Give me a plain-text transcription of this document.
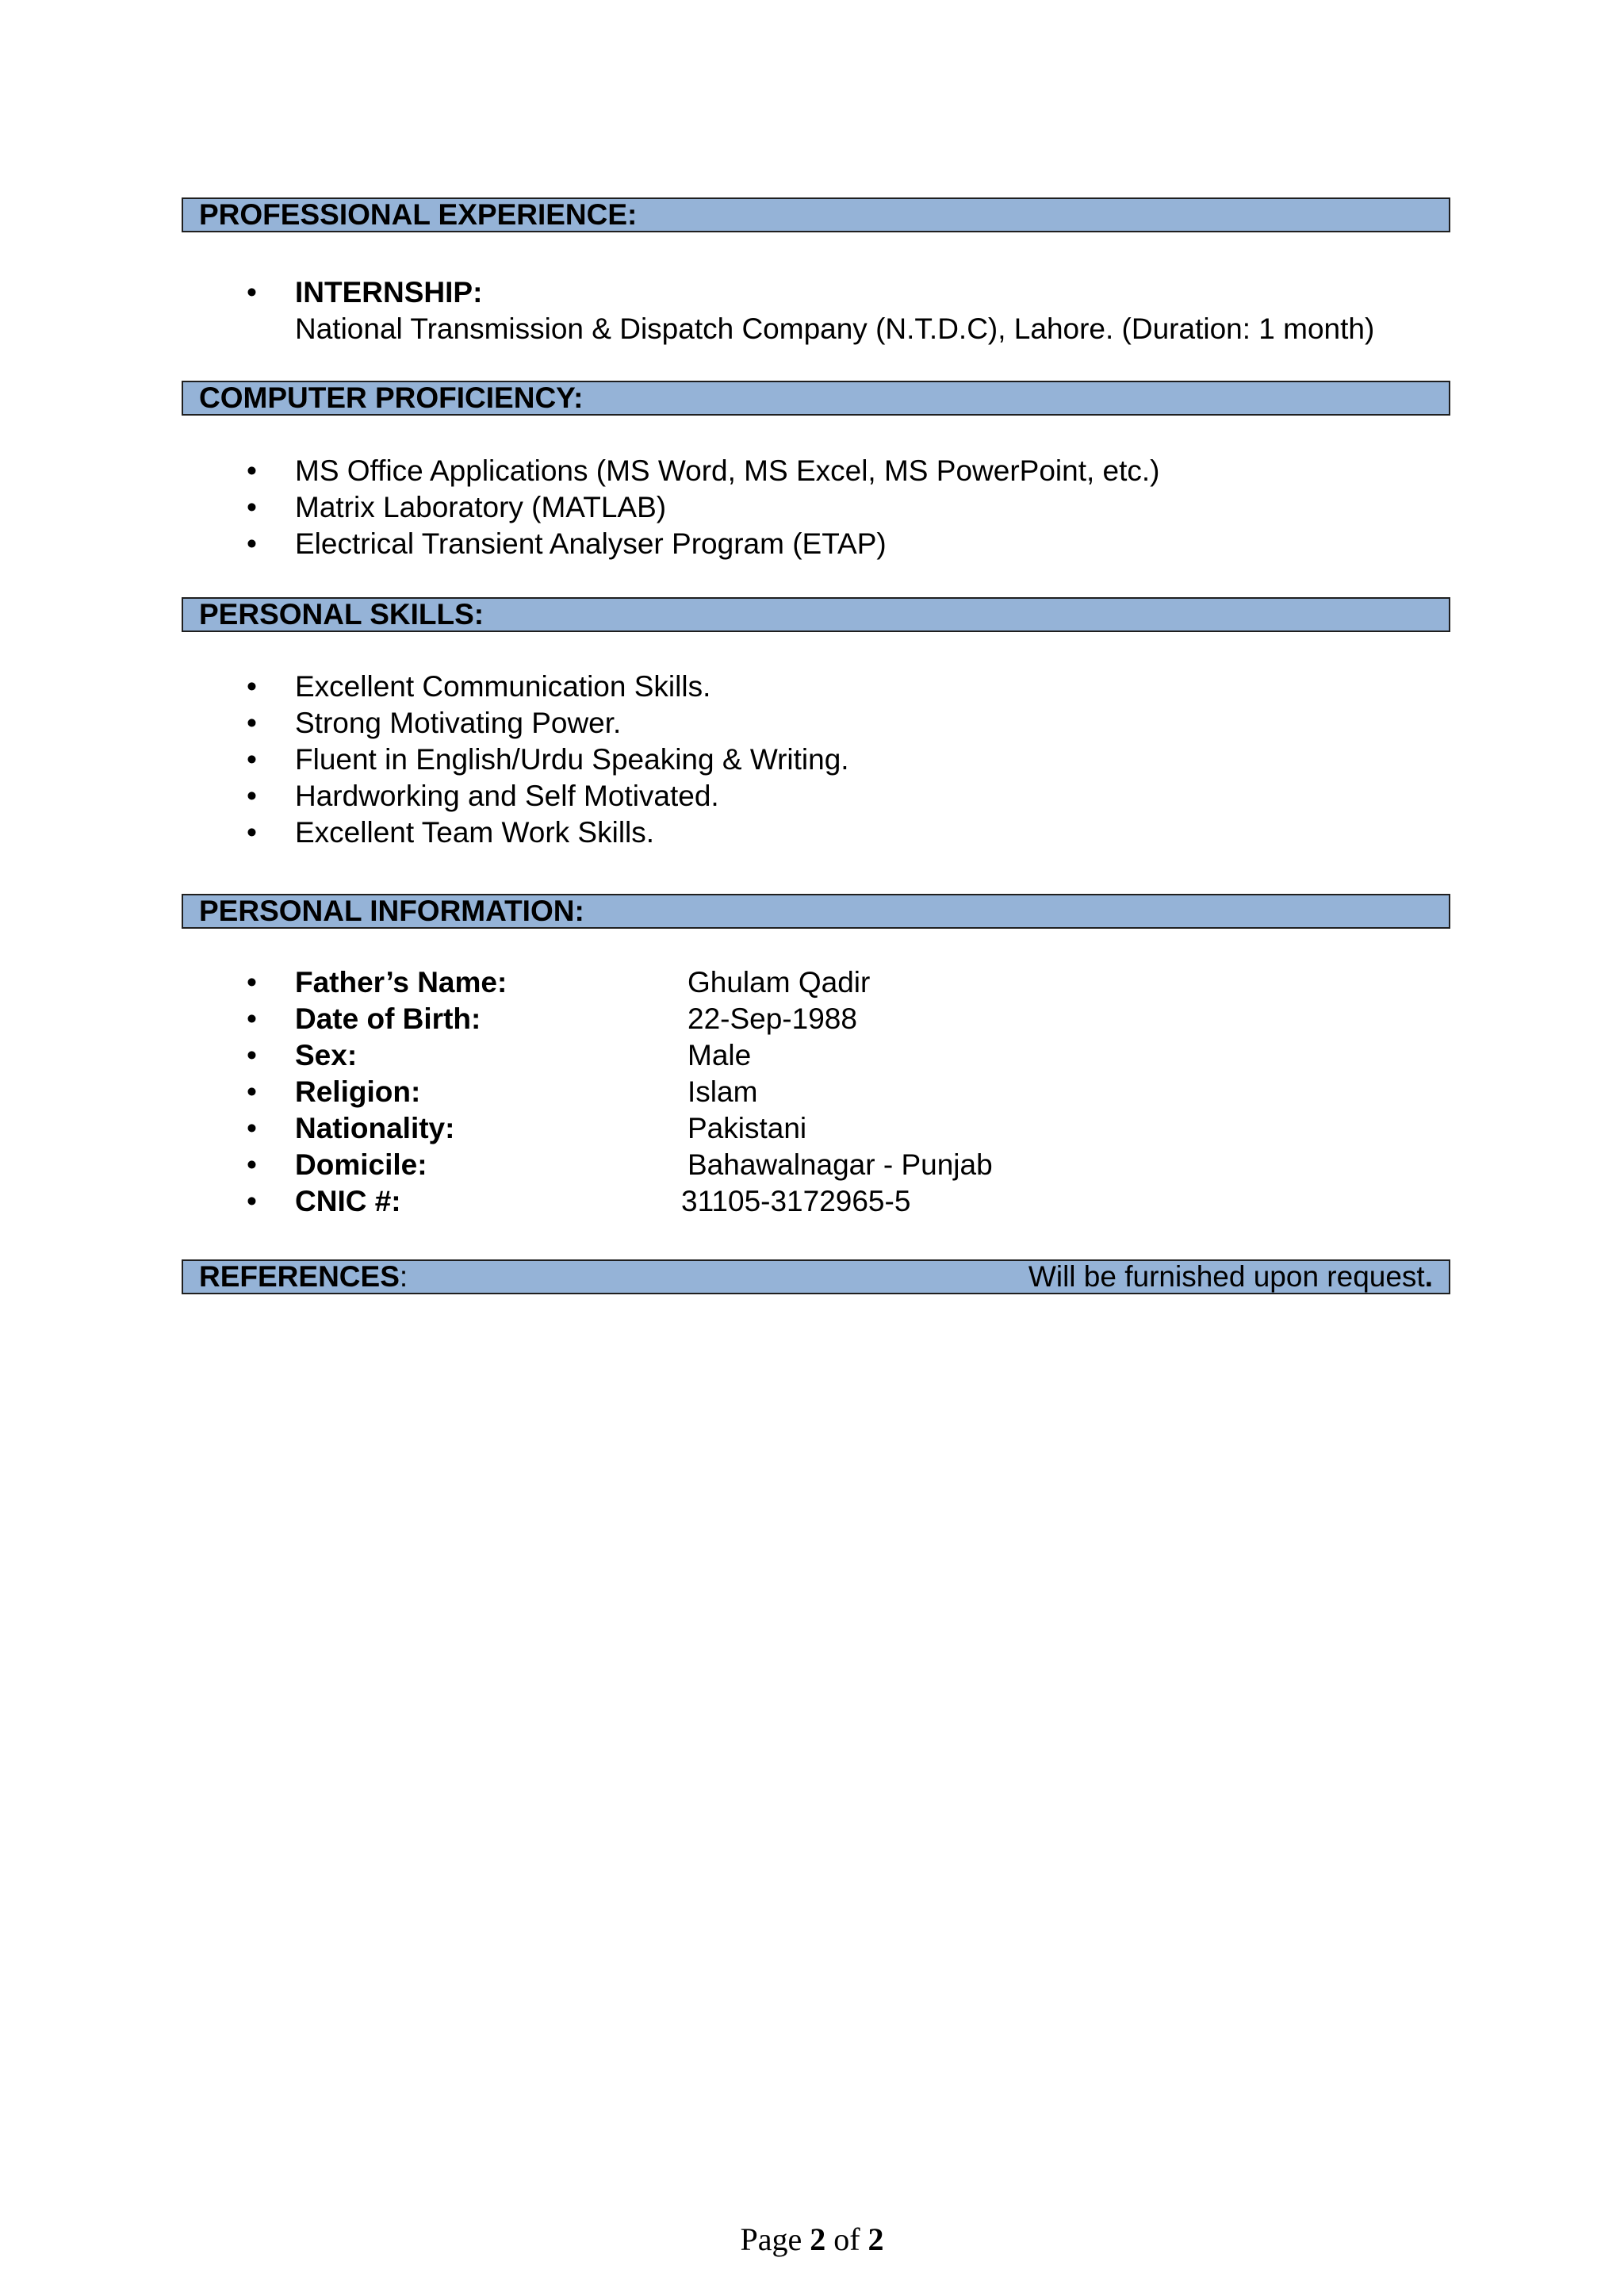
PROFESSIONAL EXPERIENCE:
• INTERNSHIP:
National Transmission & Dispatch Company (N.T.D.C), Lahore. (Duration: 1 month)
COMPUTER PROFICIENCY:
• MS Office Applications (MS Word, MS Excel, MS PowerPoint, etc.)
• Matrix Laboratory (MATLAB)
• Electrical Transient Analyser Program (ETAP)
PERSONAL SKILLS:
• Excellent Communication Skills.
• Strong Motivating Power.
• Fluent in English/Urdu Speaking & Writing.
• Hardworking and Self Motivated.
• Excellent Team Work Skills.
PERSONAL INFORMATION:
• Father’s Name:	Ghulam Qadir
• Date of Birth:	22-Sep-1988
• Sex:	Male
• Religion:	Islam
• Nationality:	Pakistani
• Domicile:	Bahawalnagar - Punjab
• CNIC #:	31105-3172965-5
REFERENCES:	Will be furnished upon request.
Page 2 of 2
